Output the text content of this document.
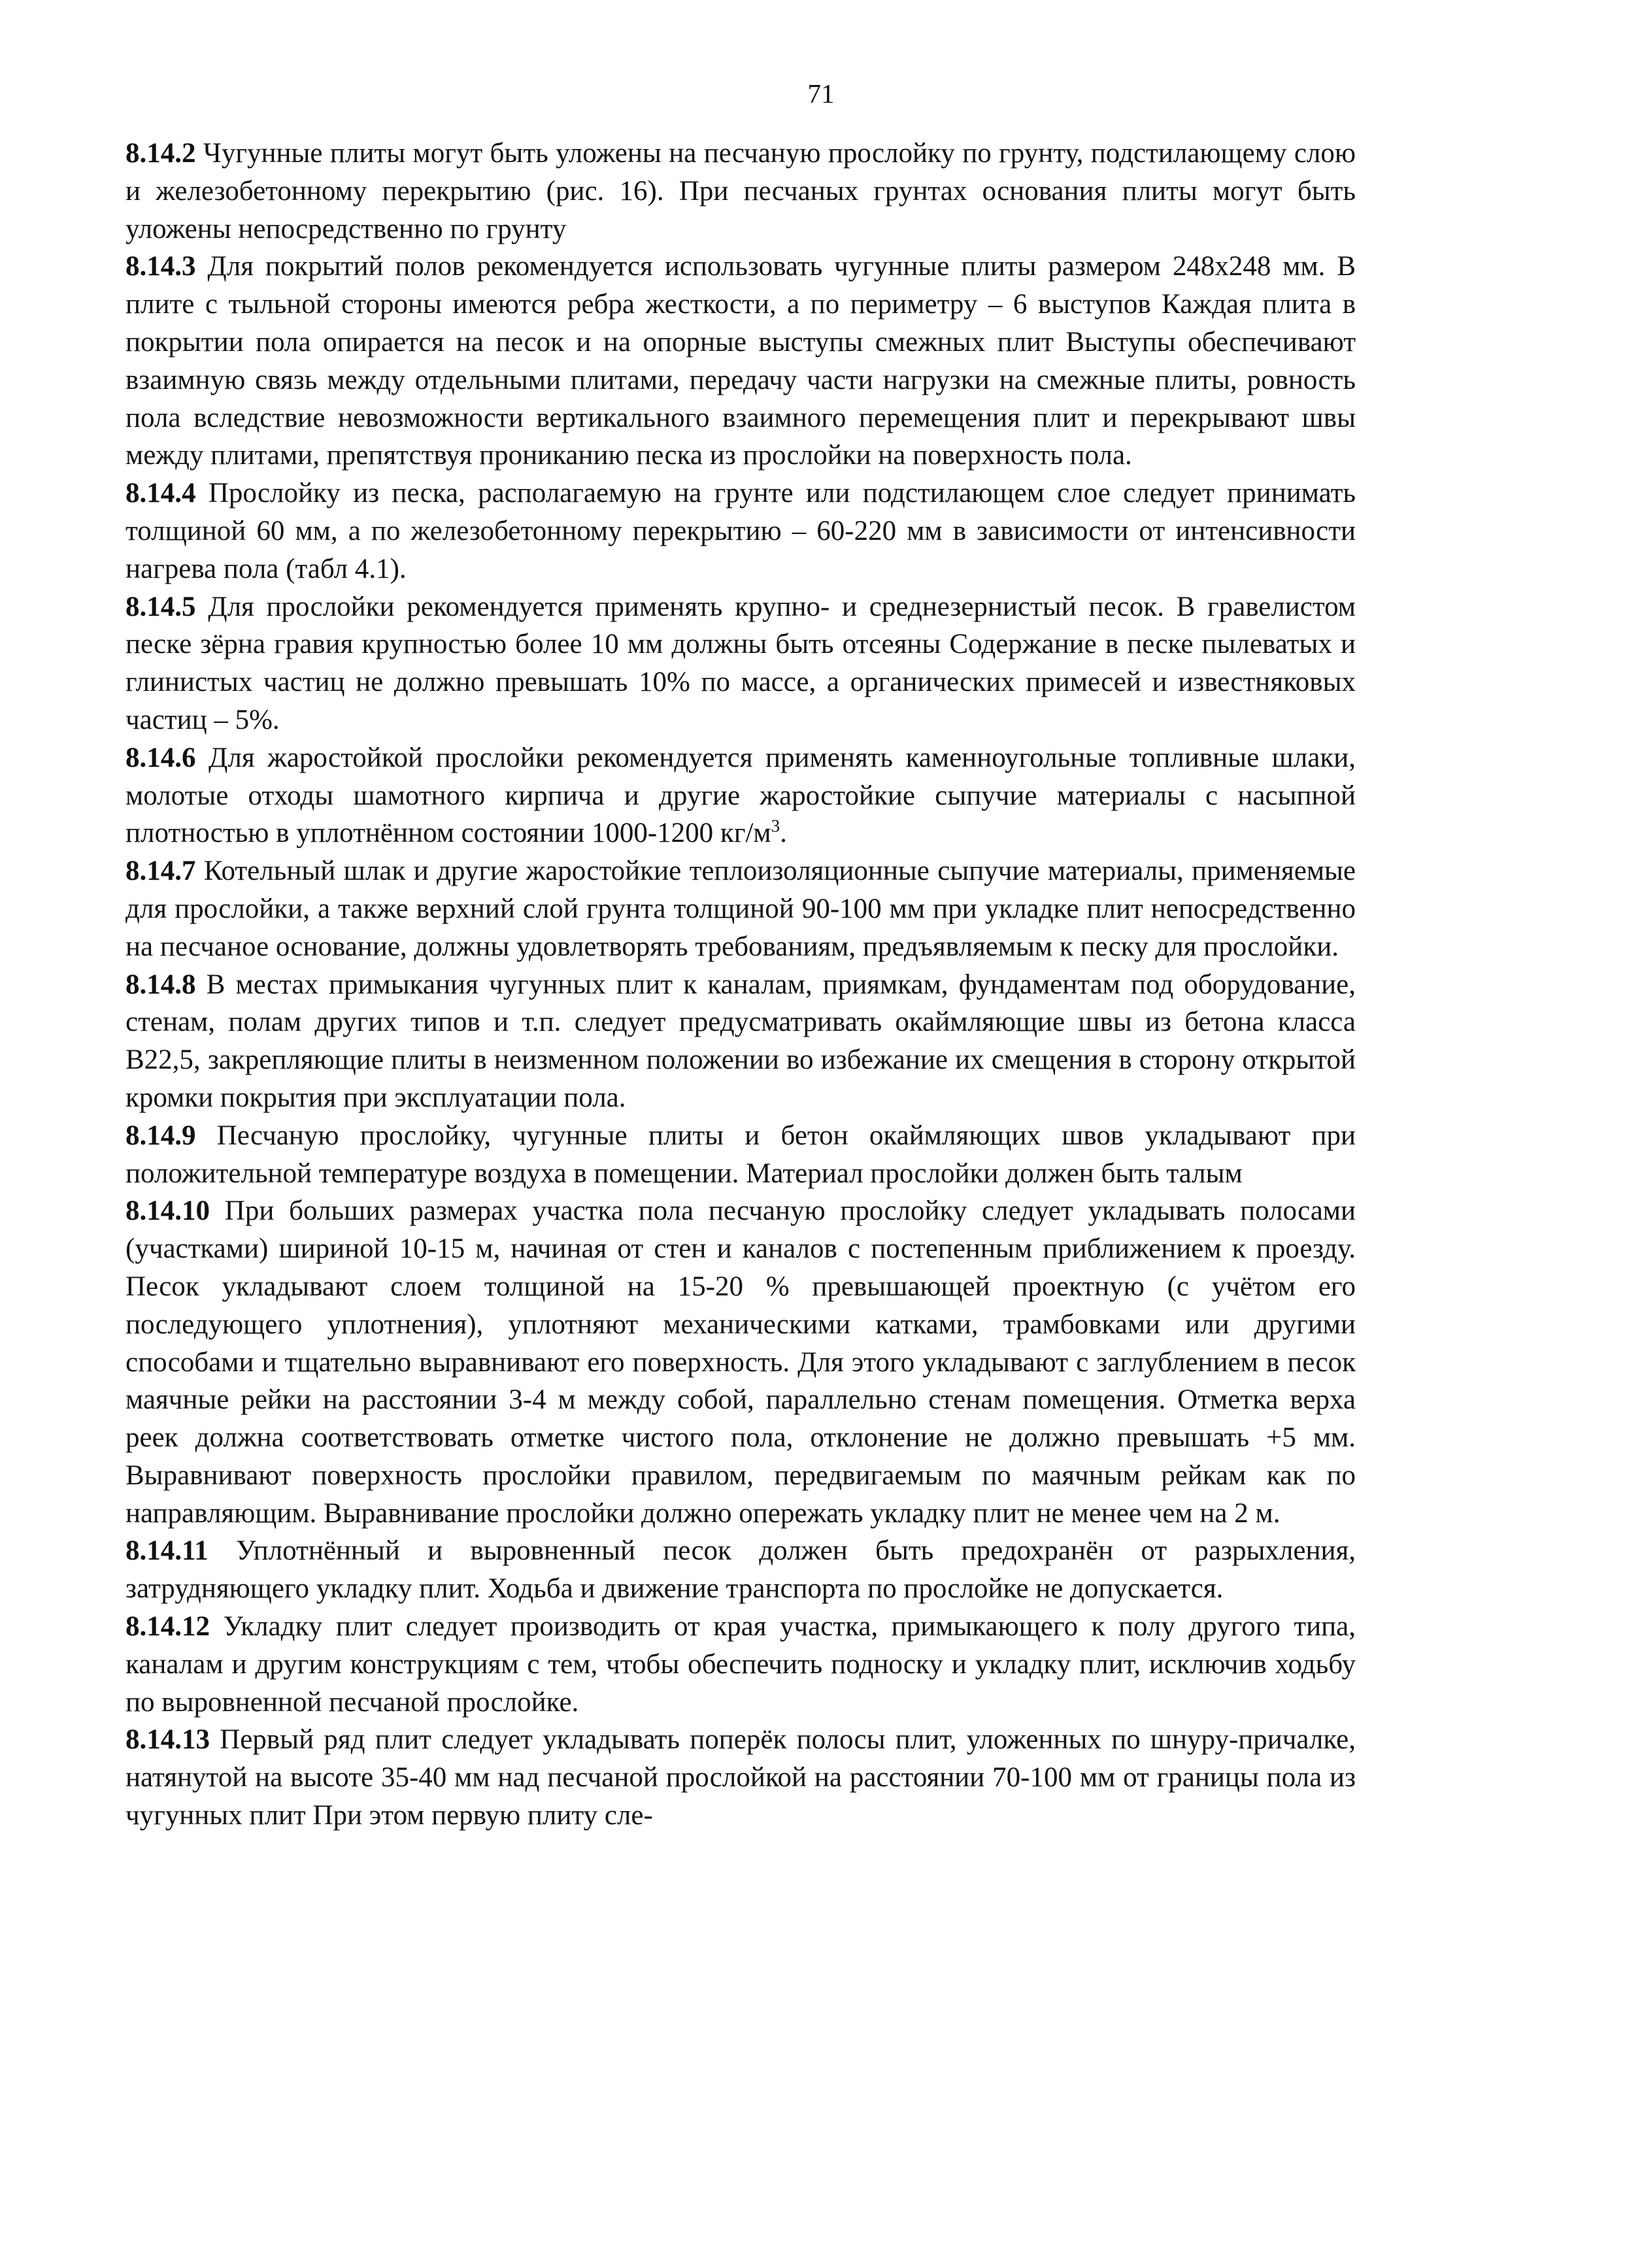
71

8.14.2 Чугунные плиты могут быть уложены на песчаную прослойку по грунту, подстилающему слою и железобетонному перекрытию (рис. 16). При песчаных грунтах основания плиты могут быть уложены непосредственно по грунту

8.14.3 Для покрытий полов рекомендуется использовать чугунные плиты размером 248х248 мм. В плите с тыльной стороны имеются ребра жесткости, а по периметру – 6 выступов Каждая плита в покрытии пола опирается на песок и на опорные выступы смежных плит Выступы обеспечивают взаимную связь между отдельными плитами, передачу части нагрузки на смежные плиты, ровность пола вследствие невозможности вертикального взаимного перемещения плит и перекрывают швы между плитами, препятствуя прониканию песка из прослойки на поверхность пола.

8.14.4 Прослойку из песка, располагаемую на грунте или подстилающем слое следует принимать толщиной 60 мм, а по железобетонному перекрытию – 60-220 мм в зависимости от интенсивности нагрева пола (табл 4.1).

8.14.5 Для прослойки рекомендуется применять крупно- и среднезернистый песок. В гравелистом песке зёрна гравия крупностью более 10 мм должны быть отсеяны Содержание в песке пылеватых и глинистых частиц не должно превышать 10% по массе, а органических примесей и известняковых частиц – 5%.

8.14.6 Для жаростойкой прослойки рекомендуется применять каменноугольные топливные шлаки, молотые отходы шамотного кирпича и другие жаростойкие сыпучие материалы с насыпной плотностью в уплотнённом состоянии 1000-1200 $кг/м^3$.

8.14.7 Котельный шлак и другие жаростойкие теплоизоляционные сыпучие материалы, применяемые для прослойки, а также верхний слой грунта толщиной 90-100 мм при укладке плит непосредственно на песчаное основание, должны удовлетворять требованиям, предъявляемым к песку для прослойки.

8.14.8 В местах примыкания чугунных плит к каналам, приямкам, фундаментам под оборудование, стенам, полам других типов и т.п. следует предусматривать окаймляющие швы из бетона класса В22,5, закрепляющие плиты в неизменном положении во избежание их смещения в сторону открытой кромки покрытия при эксплуатации пола.

8.14.9 Песчаную прослойку, чугунные плиты и бетон окаймляющих швов укладывают при положительной температуре воздуха в помещении. Материал прослойки должен быть талым

8.14.10 При больших размерах участка пола песчаную прослойку следует укладывать полосами (участками) шириной 10-15 м, начиная от стен и каналов с постепенным приближением к проезду. Песок укладывают слоем толщиной на 15-20 % превышающей проектную (с учётом его последующего уплотнения), уплотняют механическими катками, трамбовками или другими способами и тщательно выравнивают его поверхность. Для этого укладывают с заглублением в песок маячные рейки на расстоянии 3-4 м между собой, параллельно стенам помещения. Отметка верха реек должна соответствовать отметке чистого пола, отклонение не должно превышать +5 мм. Выравнивают поверхность прослойки правилом, передвигаемым по маячным рейкам как по направляющим. Выравнивание прослойки должно опережать укладку плит не менее чем на 2 м.

8.14.11 Уплотнённый и выровненный песок должен быть предохранён от разрыхления, затрудняющего укладку плит. Ходьба и движение транспорта по прослойке не допускается.

8.14.12 Укладку плит следует производить от края участка, примыкающего к полу другого типа, каналам и другим конструкциям с тем, чтобы обеспечить подноску и укладку плит, исключив ходьбу по выровненной песчаной прослойке.

8.14.13 Первый ряд плит следует укладывать поперёк полосы плит, уложенных по шнуру-причалке, натянутой на высоте 35-40 мм над песчаной прослойкой на расстоянии 70-100 мм от границы пола из чугунных плит При этом первую плиту сле-
